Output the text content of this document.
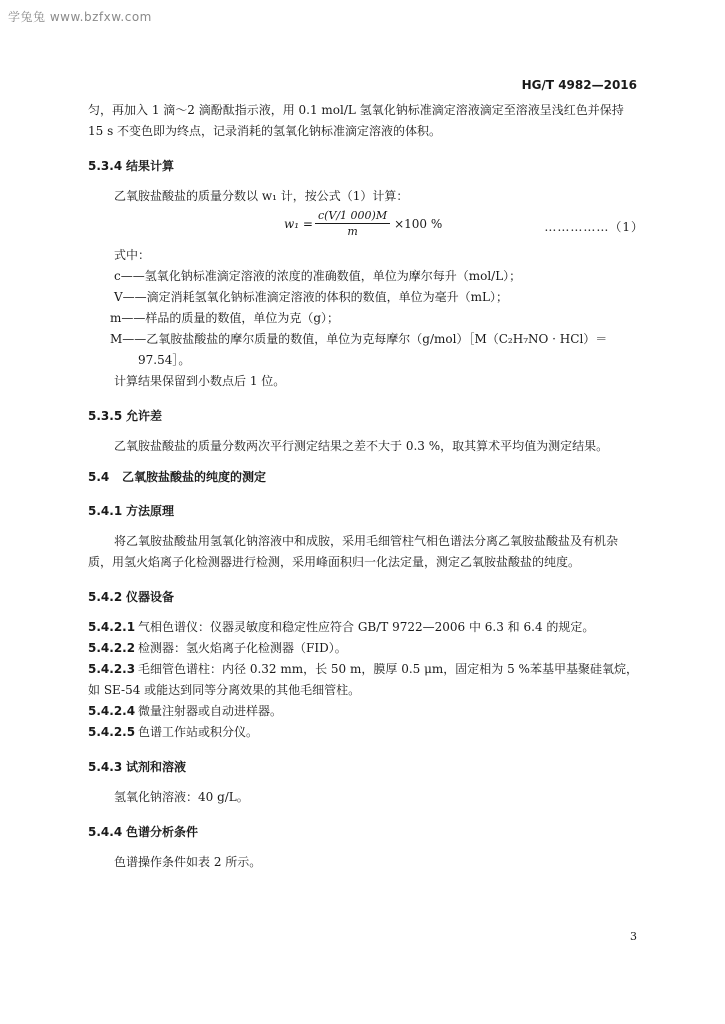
学兔兔 www.bzfxw.com
HG/T 4982—2016

匀，再加入 1 滴～2 滴酚酞指示液，用 0.1 mol/L 氢氧化钠标准滴定溶液滴定至溶液呈浅红色并保持

15 s 不变色即为终点，记录消耗的氢氧化钠标准滴定溶液的体积。

5.3.4 结果计算

乙氧胺盐酸盐的质量分数以 w₁ 计，按公式（1）计算：

$w_1 = \frac{c(V/1 000)M}{m} \times 100$ %	……………（1）

式中：

c——氢氧化钠标准滴定溶液的浓度的准确数值，单位为摩尔每升（mol/L）；

V——滴定消耗氢氧化钠标准滴定溶液的体积的数值，单位为毫升（mL）；

m——样品的质量的数值，单位为克（g）；

M——乙氧胺盐酸盐的摩尔质量的数值，单位为克每摩尔（g/mol）［M（C₂H₇NO · HCl）＝

97.54］。

计算结果保留到小数点后 1 位。

5.3.5 允许差

乙氧胺盐酸盐的质量分数两次平行测定结果之差不大于 0.3 %，取其算术平均值为测定结果。

5.4 乙氧胺盐酸盐的纯度的测定

5.4.1 方法原理

将乙氧胺盐酸盐用氢氧化钠溶液中和成胺，采用毛细管柱气相色谱法分离乙氧胺盐酸盐及有机杂

质，用氢火焰离子化检测器进行检测，采用峰面积归一化法定量，测定乙氧胺盐酸盐的纯度。

5.4.2 仪器设备

5.4.2.1 气相色谱仪：仪器灵敏度和稳定性应符合 GB/T 9722—2006 中 6.3 和 6.4 的规定。
5.4.2.2 检测器：氢火焰离子化检测器（FID）。
5.4.2.3 毛细管色谱柱：内径 0.32 mm，长 50 m，膜厚 0.5 μm，固定相为 5 %苯基甲基聚硅氧烷，

如 SE-54 或能达到同等分离效果的其他毛细管柱。

5.4.2.4 微量注射器或自动进样器。
5.4.2.5 色谱工作站或积分仪。

5.4.3 试剂和溶液

氢氧化钠溶液：40 g/L。

5.4.4 色谱分析条件

色谱操作条件如表 2 所示。

3
